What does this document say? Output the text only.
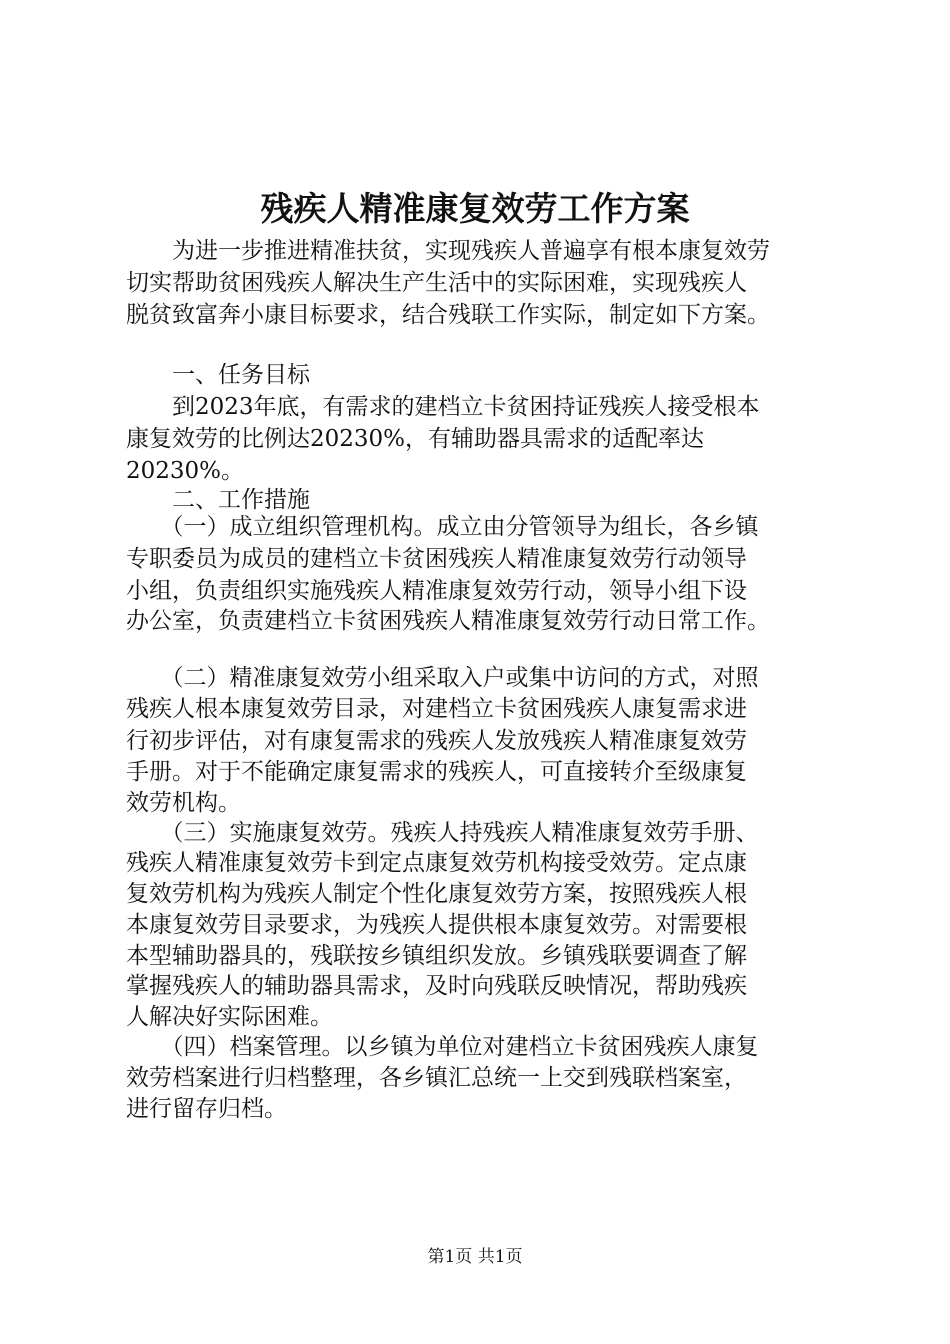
残疾人精准康复效劳工作方案
　　为进一步推进精准扶贫，实现残疾人普遍享有根本康复效劳
切实帮助贫困残疾人解决生产生活中的实际困难，实现残疾人
脱贫致富奔小康目标要求，结合残联工作实际，制定如下方案。
　　一、任务目标
　　到2023年底，有需求的建档立卡贫困持证残疾人接受根本
康复效劳的比例达20230%，有辅助器具需求的适配率达
20230%。
　　二、工作措施
　　（一）成立组织管理机构。成立由分管领导为组长，各乡镇
专职委员为成员的建档立卡贫困残疾人精准康复效劳行动领导
小组，负责组织实施残疾人精准康复效劳行动，领导小组下设
办公室，负责建档立卡贫困残疾人精准康复效劳行动日常工作。
　　（二）精准康复效劳小组采取入户或集中访问的方式，对照
残疾人根本康复效劳目录，对建档立卡贫困残疾人康复需求进
行初步评估，对有康复需求的残疾人发放残疾人精准康复效劳
手册。对于不能确定康复需求的残疾人，可直接转介至级康复
效劳机构。
　　（三）实施康复效劳。残疾人持残疾人精准康复效劳手册、
残疾人精准康复效劳卡到定点康复效劳机构接受效劳。定点康
复效劳机构为残疾人制定个性化康复效劳方案，按照残疾人根
本康复效劳目录要求，为残疾人提供根本康复效劳。对需要根
本型辅助器具的，残联按乡镇组织发放。乡镇残联要调查了解
掌握残疾人的辅助器具需求，及时向残联反映情况，帮助残疾
人解决好实际困难。
　　（四）档案管理。以乡镇为单位对建档立卡贫困残疾人康复
效劳档案进行归档整理，各乡镇汇总统一上交到残联档案室，
进行留存归档。
第1页 共1页
